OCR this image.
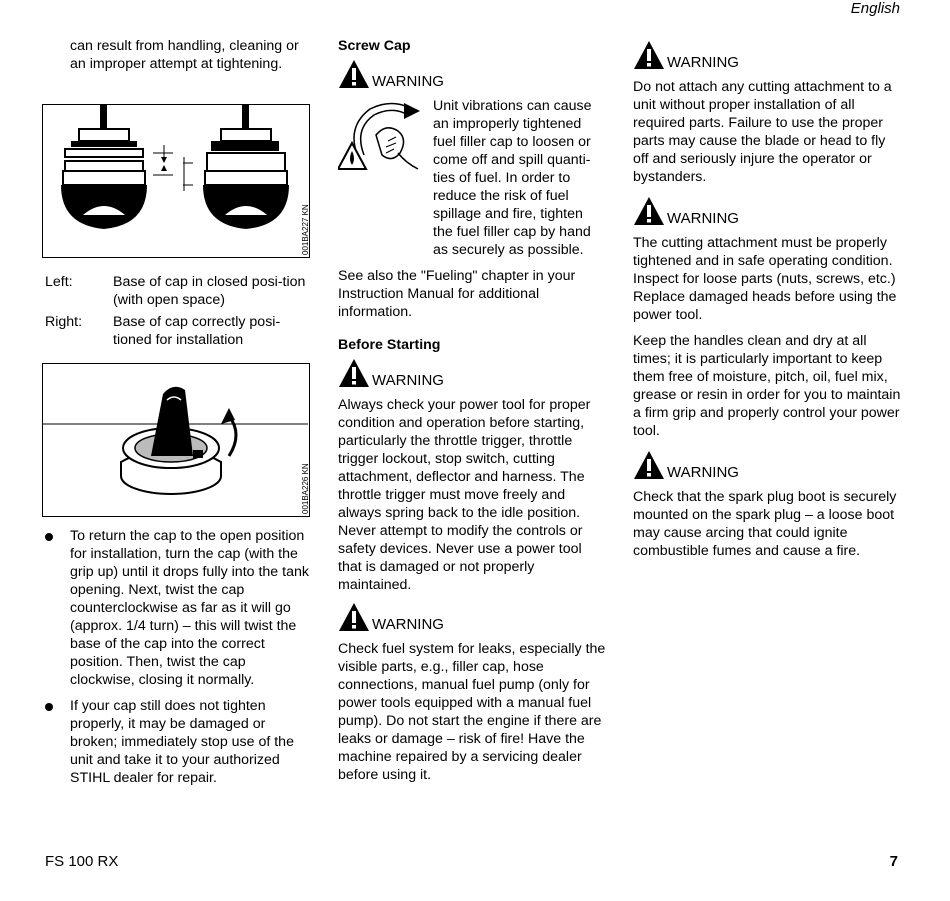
English

can result from handling, cleaning or an improper attempt at tightening.

001BA227 KN
Left:	Base of cap in closed posi-tion (with open space)
Right:	Base of cap correctly posi-tioned for installation
001BA226 KN
To return the cap to the open position for installation, turn the cap (with the grip up) until it drops fully into the tank opening. Next, twist the cap counterclockwise as far as it will go (approx. 1/4 turn) – this will twist the base of the cap into the correct position. Then, twist the cap clockwise, closing it normally.
If your cap still does not tighten properly, it may be damaged or broken; immediately stop use of the unit and take it to your authorized STIHL dealer for repair.
Screw Cap
WARNING

Unit vibrations can cause an improperly tightened fuel filler cap to loosen or come off and spill quanti-ties of fuel. In order to reduce the risk of fuel spillage and fire, tighten the fuel filler cap by hand as securely as possible.

See also the "Fueling" chapter in your Instruction Manual for additional information.

Before Starting
WARNING

Always check your power tool for proper condition and operation before starting, particularly the throttle trigger, throttle trigger lockout, stop switch, cutting attachment, deflector and harness. The throttle trigger must move freely and always spring back to the idle position. Never attempt to modify the controls or safety devices. Never use a power tool that is damaged or not properly maintained.

WARNING

Check fuel system for leaks, especially the visible parts, e.g., filler cap, hose connections, manual fuel pump (only for power tools equipped with a manual fuel pump). Do not start the engine if there are leaks or damage – risk of fire! Have the machine repaired by a servicing dealer before using it.

WARNING

Do not attach any cutting attachment to a unit without proper installation of all required parts. Failure to use the proper parts may cause the blade or head to fly off and seriously injure the operator or bystanders.

WARNING

The cutting attachment must be properly tightened and in safe operating condition. Inspect for loose parts (nuts, screws, etc.) Replace damaged heads before using the power tool.

Keep the handles clean and dry at all times; it is particularly important to keep them free of moisture, pitch, oil, fuel mix, grease or resin in order for you to maintain a firm grip and properly control your power tool.

WARNING

Check that the spark plug boot is securely mounted on the spark plug – a loose boot may cause arcing that could ignite combustible fumes and cause a fire.

FS 100 RX	7
